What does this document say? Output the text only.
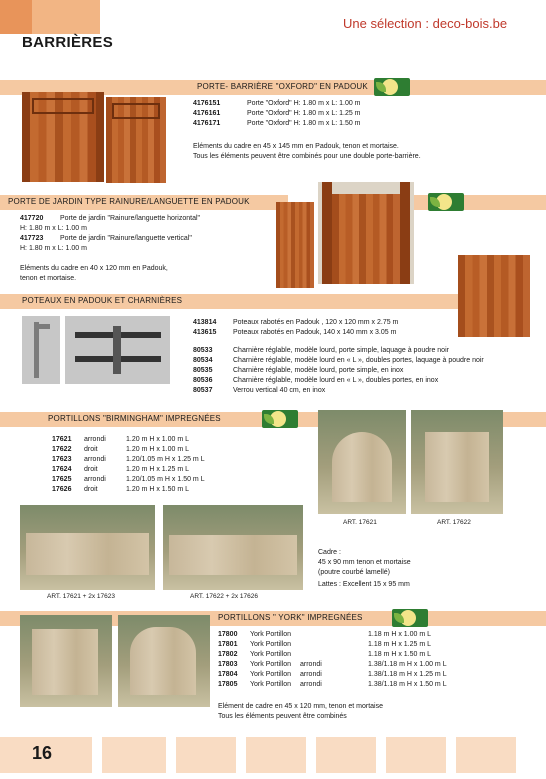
BARRIÈRES
Une sélection : deco-bois.be
PORTE- BARRIÈRE "OXFORD" EN PADOUK
4176151	Porte "Oxford" H: 1.80 m x L: 1.00 m
4176161	Porte "Oxford" H: 1.80 m x L: 1.25 m
4176171	Porte "Oxford" H: 1.80 m x L: 1.50 m
Eléments du cadre en 45 x 145 mm en Padouk, tenon et mortaise.
Tous les éléments peuvent être combinés pour une double porte-barrière.
PORTE DE JARDIN TYPE RAINURE/LANGUETTE EN PADOUK
417720 Porte de jardin "Rainure/languette horizontal"
H: 1.80 m x L: 1.00 m
417723 Porte de jardin "Rainure/languette vertical"
H: 1.80 m x L: 1.00 m
Eléments du cadre en 40 x 120 mm en Padouk,
tenon et mortaise.
POTEAUX EN PADOUK ET CHARNIÈRES
413814 Poteaux rabotés en Padouk , 120 x 120 mm x 2.75 m
413615 Poteaux rabotés en Padouk, 140 x 140 mm x 3.05 m
80533	Charnière réglable, modèle lourd, porte simple, laquage à poudre noir
80534	Charnière réglable, modèle lourd en « L », doubles portes, laquage à poudre noir
80535	Charnière réglable, modèle lourd, porte simple, en inox
80536	Charnière réglable, modèle lourd en « L », doubles portes, en inox
80537	Verrou vertical 40 cm, en inox
PORTILLONS "BIRMINGHAM" IMPREGNÉES
17621 arrondi	1.20 m H x 1.00 m L
17622 droit	1.20 m H x 1.00 m L
17623 arrondi	1.20/1.05 m H x 1.25 m L
17624 droit	1.20 m H x 1.25 m L
17625 arrondi	1.20/1.05 m H x 1.50 m L
17626 droit	1.20 m H x 1.50 m L
ART. 17621	ART. 17622
ART. 17621 + 2x 17623	ART. 17622 + 2x 17626
Cadre :
45 x 90 mm tenon et mortaise
(poutre courbé lamellé)
Lattes : Excellent 15 x 95 mm
PORTILLONS " YORK" IMPREGNÉES
17800 York Portillon	1.18 m H x 1.00 m L
17801 York Portillon	1.18 m H x 1.25 m L
17802 York Portillon	1.18 m H x 1.50 m L
17803 York Portillon arrondi	1.38/1.18 m H x 1.00 m L
17804 York Portillon arrondi	1.38/1.18 m H x 1.25 m L
17805 York Portillon arrondi	1.38/1.18 m H x 1.50 m L
Elément de cadre en 45 x 120 mm, tenon et mortaise
Tous les éléments peuvent être combinés
16
